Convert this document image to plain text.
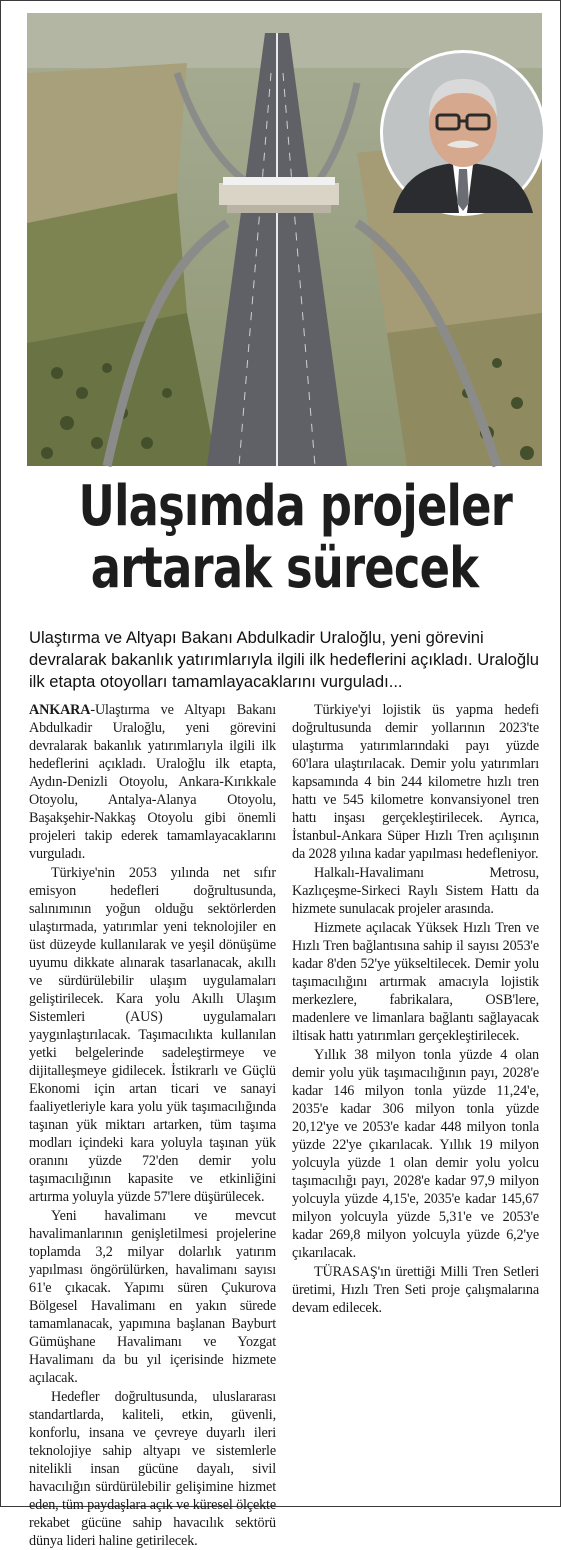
Ulaşımda projeler
artarak sürecek
Ulaştırma ve Altyapı Bakanı Abdulkadir Uraloğlu, yeni görevini devralarak bakanlık yatırımlarıyla ilgili ilk hedeflerini açıkladı. Uraloğlu ilk etapta otoyolları tamamlayacaklarını vurguladı...

ANKARA-Ulaştırma ve Altyapı Bakanı Abdulkadir Uraloğlu, yeni görevini devralarak bakanlık yatırımlarıyla ilgili ilk hedeflerini açıkladı. Uraloğlu ilk etapta, Aydın-Denizli Otoyolu, Ankara-Kırıkkale Otoyolu, Antalya-Alanya Otoyolu, Başakşehir-Nakkaş Otoyolu gibi önemli projeleri takip ederek tamamlayacaklarını vurguladı.

Türkiye'nin 2053 yılında net sıfır emisyon hedefleri doğrultusunda, salınımının yoğun olduğu sektörlerden ulaştırmada, yatırımlar yeni teknolojiler en üst düzeyde kullanılarak ve yeşil dönüşüme uyumu dikkate alınarak tasarlanacak, akıllı ve sürdürülebilir ulaşım uygulamaları geliştirilecek. Kara yolu Akıllı Ulaşım Sistemleri (AUS) uygulamaları yaygınlaştırılacak. Taşımacılıkta kullanılan yetki belgelerinde sadeleştirmeye ve dijitalleşmeye gidilecek. İstikrarlı ve Güçlü Ekonomi için artan ticari ve sanayi faaliyetleriyle kara yolu yük taşımacılığında taşınan yük miktarı artarken, tüm taşıma modları içindeki kara yoluyla taşınan yük oranını yüzde 72'den demir yolu taşımacılığının kapasite ve etkinliğini artırma yoluyla yüzde 57'lere düşürülecek.

Yeni havalimanı ve mevcut havalimanlarının genişletilmesi projelerine toplamda 3,2 milyar dolarlık yatırım yapılması öngörülürken, havalimanı sayısı 61'e çıkacak. Yapımı süren Çukurova Bölgesel Havalimanı en yakın sürede tamamlanacak, yapımına başlanan Bayburt Gümüşhane Havalimanı ve Yozgat Havalimanı da bu yıl içerisinde hizmete açılacak.

Hedefler doğrultusunda, uluslararası standartlarda, kaliteli, etkin, güvenli, konforlu, insana ve çevreye duyarlı ileri teknolojiye sahip altyapı ve sistemlerle nitelikli insan gücüne dayalı, sivil havacılığın sürdürülebilir gelişimine hizmet eden, tüm paydaşlara açık ve küresel ölçekte rekabet gücüne sahip havacılık sektörü dünya lideri haline getirilecek.

Türkiye'yi lojistik üs yapma hedefi doğrultusunda demir yollarının 2023'te ulaştırma yatırımlarındaki payı yüzde 60'lara ulaştırılacak. Demir yolu yatırımları kapsamında 4 bin 244 kilometre hızlı tren hattı ve 545 kilometre konvansiyonel tren hattı inşası gerçekleştirilecek. Ayrıca, İstanbul-Ankara Süper Hızlı Tren açılışının da 2028 yılına kadar yapılması hedefleniyor.

Halkalı-Havalimanı Metrosu, Kazlıçeşme-Sirkeci Raylı Sistem Hattı da hizmete sunulacak projeler arasında.

Hizmete açılacak Yüksek Hızlı Tren ve Hızlı Tren bağlantısına sahip il sayısı 2053'e kadar 8'den 52'ye yükseltilecek. Demir yolu taşımacılığını artırmak amacıyla lojistik merkezlere, fabrikalara, OSB'lere, madenlere ve limanlara bağlantı sağlayacak iltisak hattı yatırımları gerçekleştirilecek.

Yıllık 38 milyon tonla yüzde 4 olan demir yolu yük taşımacılığının payı, 2028'e kadar 146 milyon tonla yüzde 11,24'e, 2035'e kadar 306 milyon tonla yüzde 20,12'ye ve 2053'e kadar 448 milyon tonla yüzde 22'ye çıkarılacak. Yıllık 19 milyon yolcuyla yüzde 1 olan demir yolu yolcu taşımacılığı payı, 2028'e kadar 97,9 milyon yolcuyla yüzde 4,15'e, 2035'e kadar 145,67 milyon yolcuyla yüzde 5,31'e ve 2053'e kadar 269,8 milyon yolcuyla yüzde 6,2'ye çıkarılacak.

TÜRASAŞ'ın ürettiği Milli Tren Setleri üretimi, Hızlı Tren Seti proje çalışmalarına devam edilecek.
